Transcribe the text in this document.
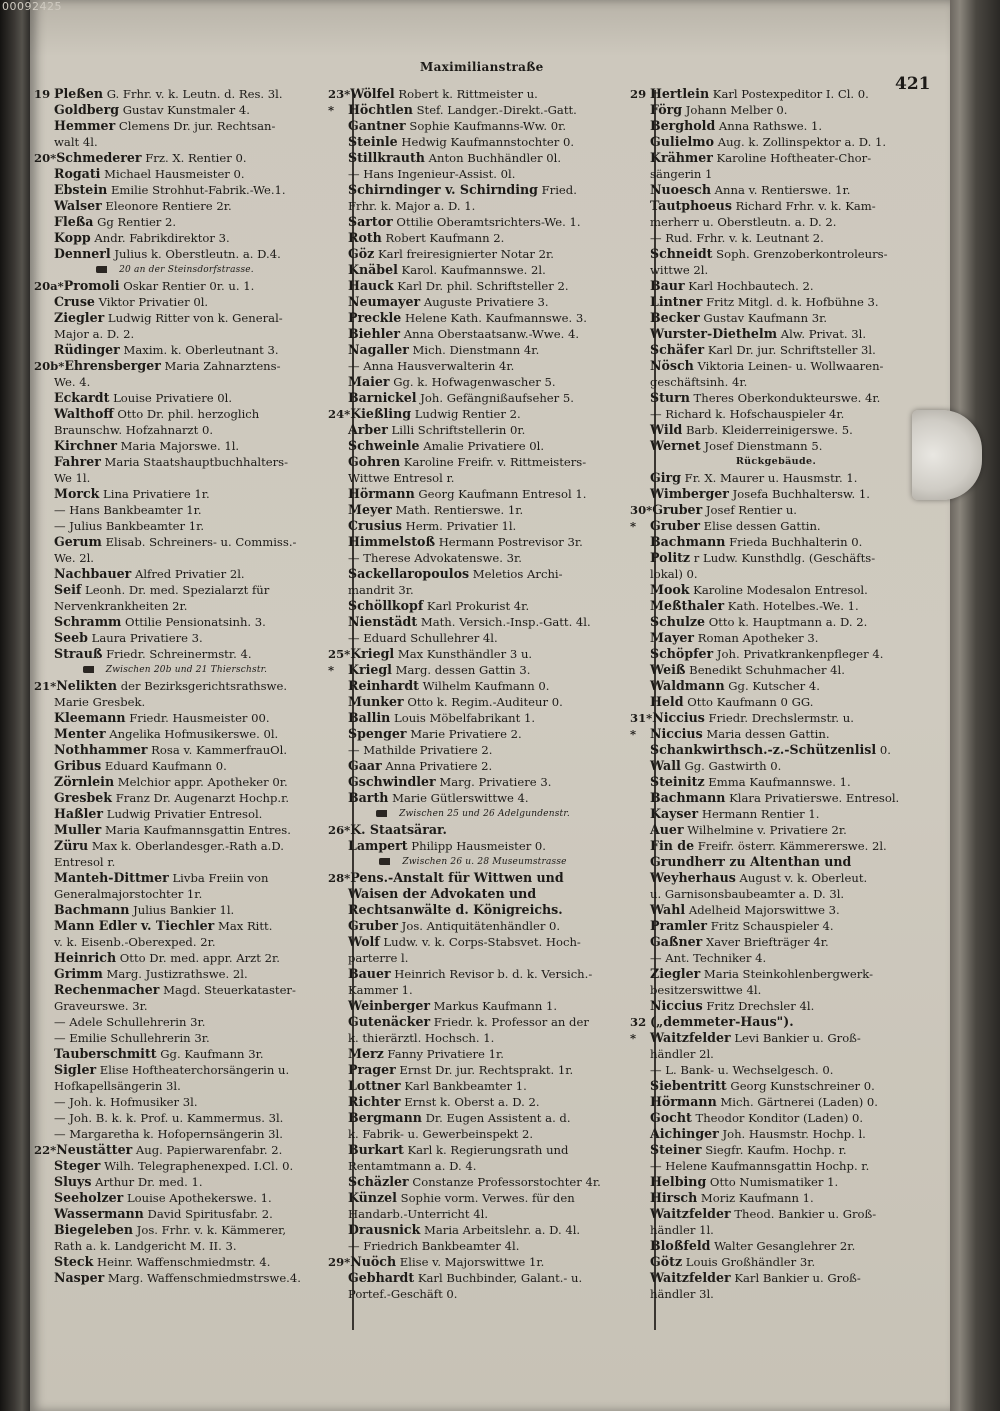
00092425
Maximilianstraße
421
19 Pleßen G. Frhr. v. k. Leutn. d. Res. 3l.
Goldberg Gustav Kunstmaler 4.
Hemmer Clemens Dr. jur. Rechtsan-
walt 4l.
20*Schmederer Frz. X. Rentier 0.
Rogati Michael Hausmeister 0.
Ebstein Emilie Strohhut-Fabrik.-We.1.
Walser Eleonore Rentiere 2r.
Fleßa Gg Rentier 2.
Kopp Andr. Fabrikdirektor 3.
Dennerl Julius k. Oberstleutn. a. D.4.
20 an der Steinsdorfstrasse.
20a*Promoli Oskar Rentier 0r. u. 1.
Cruse Viktor Privatier 0l.
Ziegler Ludwig Ritter von k. General-
Major a. D. 2.
Rüdinger Maxim. k. Oberleutnant 3.
20b*Ehrensberger Maria Zahnarztens-
We. 4.
Eckardt Louise Privatiere 0l.
Walthoff Otto Dr. phil. herzoglich
Braunschw. Hofzahnarzt 0.
Kirchner Maria Majorswe. 1l.
Fahrer Maria Staatshauptbuchhalters-
We 1l.
Morck Lina Privatiere 1r.
— Hans Bankbeamter 1r.
— Julius Bankbeamter 1r.
Gerum Elisab. Schreiners- u. Commiss.-
We. 2l.
Nachbauer Alfred Privatier 2l.
Seif Leonh. Dr. med. Spezialarzt für
Nervenkrankheiten 2r.
Schramm Ottilie Pensionatsinh. 3.
Seeb Laura Privatiere 3.
Strauß Friedr. Schreinermstr. 4.
Zwischen 20b und 21 Thierschstr.
21*Nelikten der Bezirksgerichtsrathswe.
Marie Gresbek.
Kleemann Friedr. Hausmeister 00.
Menter Angelika Hofmusikerswe. 0l.
Nothhammer Rosa v. KammerfrauOl.
Gribus Eduard Kaufmann 0.
Zörnlein Melchior appr. Apotheker 0r.
Gresbek Franz Dr. Augenarzt Hochp.r.
Haßler Ludwig Privatier Entresol.
Muller Maria Kaufmannsgattin Entres.
Züru Max k. Oberlandesger.-Rath a.D.
Entresol r.
Manteh-Dittmer Livba Freiin von
Generalmajorstochter 1r.
Bachmann Julius Bankier 1l.
Mann Edler v. Tiechler Max Ritt.
v. k. Eisenb.-Oberexped. 2r.
Heinrich Otto Dr. med. appr. Arzt 2r.
Grimm Marg. Justizrathswe. 2l.
Rechenmacher Magd. Steuerkataster-
Graveurswe. 3r.
— Adele Schullehrerin 3r.
— Emilie Schullehrerin 3r.
Tauberschmitt Gg. Kaufmann 3r.
Sigler Elise Hoftheaterchorsängerin u.
Hofkapellsängerin 3l.
— Joh. k. Hofmusiker 3l.
— Joh. B. k. k. Prof. u. Kammermus. 3l.
— Margaretha k. Hofopernsängerin 3l.
22*Neustätter Aug. Papierwarenfabr. 2.
Steger Wilh. Telegraphenexped. I.Cl. 0.
Sluys Arthur Dr. med. 1.
Seeholzer Louise Apothekerswe. 1.
Wassermann David Spiritusfabr. 2.
Biegeleben Jos. Frhr. v. k. Kämmerer,
Rath a. k. Landgericht M. II. 3.
Steck Heinr. Waffenschmiedmstr. 4.
Nasper Marg. Waffenschmiedmstrswe.4.
23*Wölfel Robert k. Rittmeister u.
* Höchtlen Stef. Landger.-Direkt.-Gatt.
Gantner Sophie Kaufmanns-Ww. 0r.
Steinle Hedwig Kaufmannstochter 0.
Stillkrauth Anton Buchhändler 0l.
— Hans Ingenieur-Assist. 0l.
Schirndinger v. Schirnding Fried.
Frhr. k. Major a. D. 1.
Sartor Ottilie Oberamtsrichters-We. 1.
Roth Robert Kaufmann 2.
Göz Karl freiresignierter Notar 2r.
Knäbel Karol. Kaufmannswe. 2l.
Hauck Karl Dr. phil. Schriftsteller 2.
Neumayer Auguste Privatiere 3.
Preckle Helene Kath. Kaufmannswe. 3.
Biehler Anna Oberstaatsanw.-Wwe. 4.
Nagaller Mich. Dienstmann 4r.
— Anna Hausverwalterin 4r.
Maier Gg. k. Hofwagenwascher 5.
Barnickel Joh. Gefängnißaufseher 5.
24*Kießling Ludwig Rentier 2.
Arber Lilli Schriftstellerin 0r.
Schweinle Amalie Privatiere 0l.
Gohren Karoline Freifr. v. Rittmeisters-
Wittwe Entresol r.
Hörmann Georg Kaufmann Entresol 1.
Meyer Math. Rentierswe. 1r.
Crusius Herm. Privatier 1l.
Himmelstoß Hermann Postrevisor 3r.
— Therese Advokatenswe. 3r.
Sackellaropoulos Meletios Archi-
mandrit 3r.
Schöllkopf Karl Prokurist 4r.
Nienstädt Math. Versich.-Insp.-Gatt. 4l.
— Eduard Schullehrer 4l.
25*Kriegl Max Kunsthändler 3 u.
* Kriegl Marg. dessen Gattin 3.
Reinhardt Wilhelm Kaufmann 0.
Munker Otto k. Regim.-Auditeur 0.
Ballin Louis Möbelfabrikant 1.
Spenger Marie Privatiere 2.
— Mathilde Privatiere 2.
Gaar Anna Privatiere 2.
Gschwindler Marg. Privatiere 3.
Barth Marie Gütlerswittwe 4.
Zwischen 25 und 26 Adelgundenstr.
26*K. Staatsärar.
Lampert Philipp Hausmeister 0.
Zwischen 26 u. 28 Museumstrasse
28*Pens.-Anstalt für Wittwen und
Waisen der Advokaten und
Rechtsanwälte d. Königreichs.
Gruber Jos. Antiquitätenhändler 0.
Wolf Ludw. v. k. Corps-Stabsvet. Hoch-
parterre l.
Bauer Heinrich Revisor b. d. k. Versich.-
Kammer 1.
Weinberger Markus Kaufmann 1.
Gutenäcker Friedr. k. Professor an der
k. thierärztl. Hochsch. 1.
Merz Fanny Privatiere 1r.
Prager Ernst Dr. jur. Rechtsprakt. 1r.
Lottner Karl Bankbeamter 1.
Richter Ernst k. Oberst a. D. 2.
Bergmann Dr. Eugen Assistent a. d.
k. Fabrik- u. Gewerbeinspekt 2.
Burkart Karl k. Regierungsrath und
Rentamtmann a. D. 4.
Schäzler Constanze Professorstochter 4r.
Künzel Sophie vorm. Verwes. für den
Handarb.-Unterricht 4l.
Drausnick Maria Arbeitslehr. a. D. 4l.
— Friedrich Bankbeamter 4l.
29*Nuöch Elise v. Majorswittwe 1r.
Gebhardt Karl Buchbinder, Galant.- u.
Portef.-Geschäft 0.
29 Hertlein Karl Postexpeditor I. Cl. 0.
Förg Johann Melber 0.
Berghold Anna Rathswe. 1.
Gulielmo Aug. k. Zollinspektor a. D. 1.
Krähmer Karoline Hoftheater-Chor-
sängerin 1
Nuoesch Anna v. Rentierswe. 1r.
Tautphoeus Richard Frhr. v. k. Kam-
merherr u. Oberstleutn. a. D. 2.
— Rud. Frhr. v. k. Leutnant 2.
Schneidt Soph. Grenzoberkontroleurs-
wittwe 2l.
Baur Karl Hochbautech. 2.
Lintner Fritz Mitgl. d. k. Hofbühne 3.
Becker Gustav Kaufmann 3r.
Wurster-Diethelm Alw. Privat. 3l.
Schäfer Karl Dr. jur. Schriftsteller 3l.
Nösch Viktoria Leinen- u. Wollwaaren-
geschäftsinh. 4r.
Sturn Theres Oberkondukteurswe. 4r.
— Richard k. Hofschauspieler 4r.
Wild Barb. Kleiderreinigerswe. 5.
Wernet Josef Dienstmann 5.
Rückgebäude.
Girg Fr. X. Maurer u. Hausmstr. 1.
Wimberger Josefa Buchhaltersw. 1.
30*Gruber Josef Rentier u.
* Gruber Elise dessen Gattin.
Bachmann Frieda Buchhalterin 0.
Politz r Ludw. Kunsthdlg. (Geschäfts-
lokal) 0.
Mook Karoline Modesalon Entresol.
Meßthaler Kath. Hotelbes.-We. 1.
Schulze Otto k. Hauptmann a. D. 2.
Mayer Roman Apotheker 3.
Schöpfer Joh. Privatkrankenpfleger 4.
Weiß Benedikt Schuhmacher 4l.
Waldmann Gg. Kutscher 4.
Held Otto Kaufmann 0 GG.
31*Niccius Friedr. Drechslermstr. u.
* Niccius Maria dessen Gattin.
Schankwirthsch.-z.-Schützenlisl 0.
Wall Gg. Gastwirth 0.
Steinitz Emma Kaufmannswe. 1.
Bachmann Klara Privatierswe. Entresol.
Kayser Hermann Rentier 1.
Auer Wilhelmine v. Privatiere 2r.
Fin de Freifr. österr. Kämmererswe. 2l.
Grundherr zu Altenthan und
Weyherhaus August v. k. Oberleut.
u. Garnisonsbaubeamter a. D. 3l.
Wahl Adelheid Majorswittwe 3.
Pramler Fritz Schauspieler 4.
Gaßner Xaver Briefträger 4r.
— Ant. Techniker 4.
Ziegler Maria Steinkohlenbergwerk-
besitzerswittwe 4l.
Niccius Fritz Drechsler 4l.
32 („demmeter-Haus").
* Waitzfelder Levi Bankier u. Groß-
händler 2l.
— L. Bank- u. Wechselgesch. 0.
Siebentritt Georg Kunstschreiner 0.
Hörmann Mich. Gärtnerei (Laden) 0.
Gocht Theodor Konditor (Laden) 0.
Aichinger Joh. Hausmstr. Hochp. l.
Steiner Siegfr. Kaufm. Hochp. r.
— Helene Kaufmannsgattin Hochp. r.
Helbing Otto Numismatiker 1.
Hirsch Moriz Kaufmann 1.
Waitzfelder Theod. Bankier u. Groß-
händler 1l.
Bloßfeld Walter Gesanglehrer 2r.
Götz Louis Großhändler 3r.
Waitzfelder Karl Bankier u. Groß-
händler 3l.
